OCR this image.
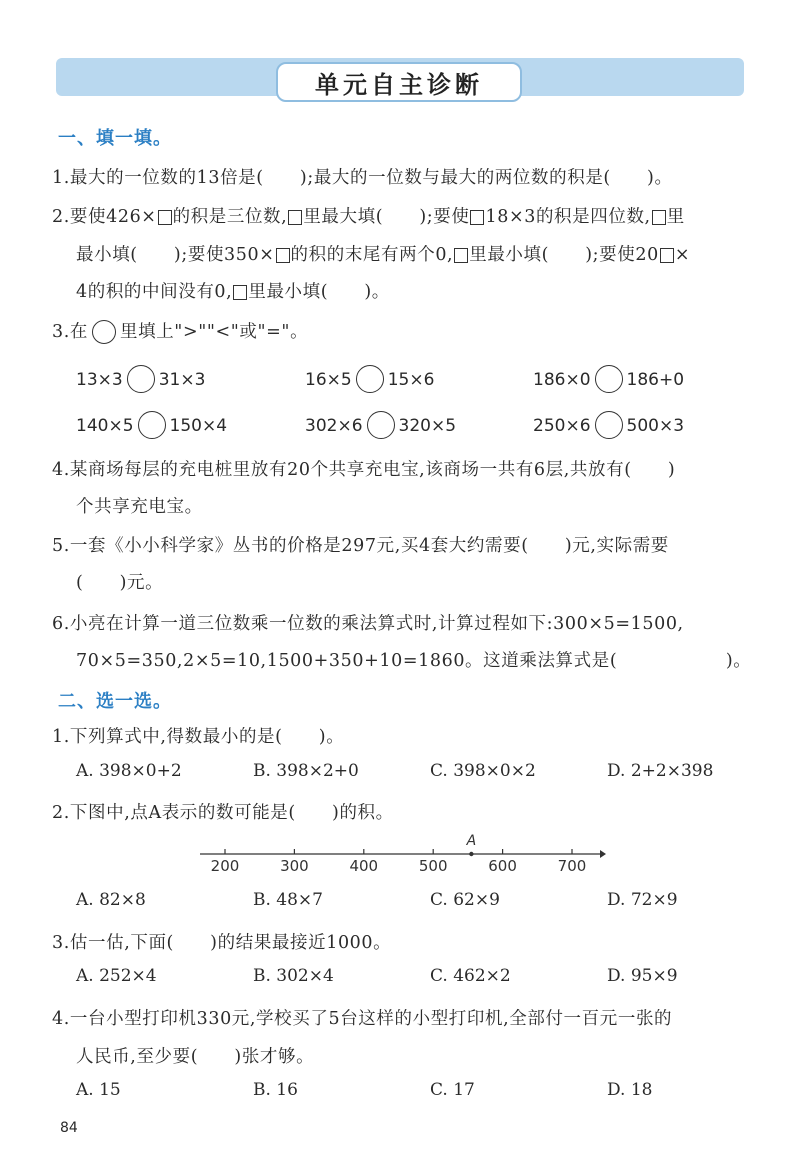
单元自主诊断
一、填一填。
1.最大的一位数的13倍是(　　);最大的一位数与最大的两位数的积是(　　)。
2.要使426× 的积是三位数, 里最大填(　　);要使 18×3的积是四位数, 里
最小填(　　);要使350× 的积的末尾有两个0, 里最小填(　　);要使20 ×
4的积的中间没有0, 里最小填(　　)。
3.在 里填上">""<"或"="。
13×3 31×3	16×5 15×6	186×0 186+0
140×5 150×4	302×6 320×5	250×6 500×3
4.某商场每层的充电桩里放有20个共享充电宝,该商场一共有6层,共放有(　　)
个共享充电宝。
5.一套《小小科学家》丛书的价格是297元,买4套大约需要(　　)元,实际需要
(　　)元。
6.小亮在计算一道三位数乘一位数的乘法算式时,计算过程如下:300×5=1500,
70×5=350,2×5=10,1500+350+10=1860。这道乘法算式是(　　　　　　)。
二、选一选。
1.下列算式中,得数最小的是(　　)。
A. 398×0+2	B. 398×2+0	C. 398×0×2	D. 2+2×398
2.下图中,点A表示的数可能是(　　)的积。
200	300	400	500	600	700
A
A. 82×8	B. 48×7	C. 62×9	D. 72×9
3.估一估,下面(　　)的结果最接近1000。
A. 252×4	B. 302×4	C. 462×2	D. 95×9
4.一台小型打印机330元,学校买了5台这样的小型打印机,全部付一百元一张的
人民币,至少要(　　)张才够。
A. 15	B. 16	C. 17	D. 18
84
